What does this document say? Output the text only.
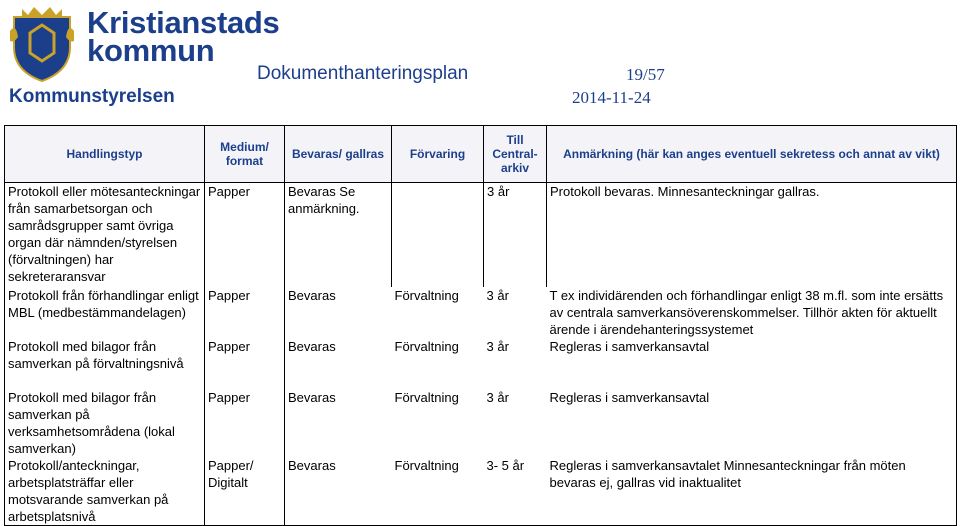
Kristianstads
kommun
Dokumenthanteringsplan	19/57
Kommunstyrelsen	2014-11-24
Handlingstyp	Medium/ format	Bevaras/ gallras	Förvaring	Till Central- arkiv	Anmärkning (här kan anges eventuell sekretess och annat av vikt)
Protokoll eller mötesanteckningar från samarbetsorgan och samrådsgrupper samt övriga organ där nämnden/styrelsen (förvaltningen) har sekreteraransvar	Papper	Bevaras Se anmärkning.		3 år	Protokoll bevaras. Minnesanteckningar gallras.
Protokoll från förhandlingar enligt MBL (medbestämmandelagen)	Papper	Bevaras	Förvaltning	3 år	T ex individärenden och förhandlingar enligt 38 m.fl. som inte ersätts av centrala samverkansöverenskommelser. Tillhör akten för aktuellt ärende i ärendehanteringssystemet
Protokoll med bilagor från samverkan på förvaltningsnivå	Papper	Bevaras	Förvaltning	3 år	Regleras i samverkansavtal
Protokoll med bilagor från samverkan på verksamhetsområdena (lokal samverkan)	Papper	Bevaras	Förvaltning	3 år	Regleras i samverkansavtal
Protokoll/anteckningar, arbetsplatsträffar eller motsvarande samverkan på arbetsplatsnivå	Papper/ Digitalt	Bevaras	Förvaltning	3- 5 år	Regleras i samverkansavtalet Minnesanteckningar från möten bevaras ej, gallras vid inaktualitet
